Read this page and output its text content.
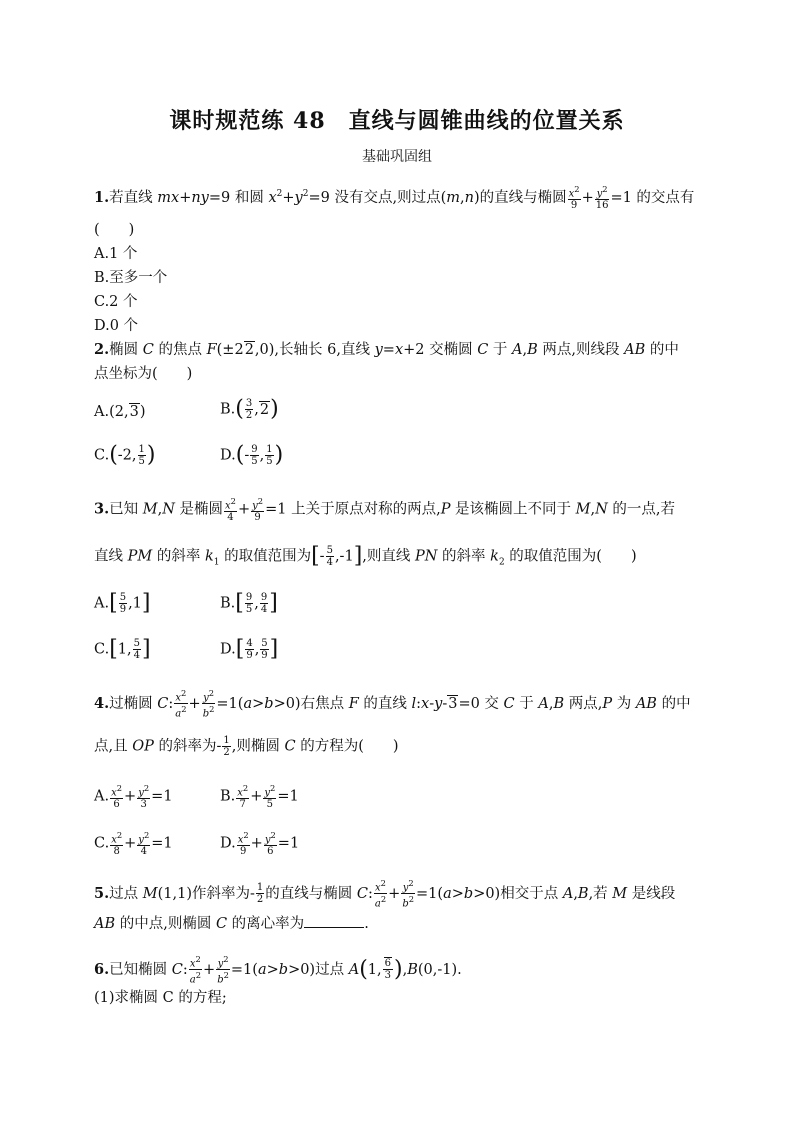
课时规范练 48　直线与圆锥曲线的位置关系
基础巩固组
1.若直线 mx+ny=9 和圆 $x^2+y^2=9$ 没有交点,则过点(m,n)的直线与椭圆 $\frac{x^2}{9} + \frac{y^2}{16} =1$ 的交点有
(　　)
A.1 个
B.至多一个
C.2 个
D.0 个
2.椭圆 C 的焦点 F(±22,0),长轴长 6,直线 y=x+2 交椭圆 C 于 A,B 两点,则线段 AB 的中
点坐标为(　　)
A.(2,3)	$B.( \frac{3}{2} ,2)$
C.(-2, $\frac{1}{5}$ )	$D.(- \frac{9}{5}$ , $\frac{1}{5}$ )
3.已知 M,N 是椭圆 $\frac{x^2}{4} + \frac{y^2}{9} =1$ 上关于原点对称的两点,P 是该椭圆上不同于 M,N 的一点,若
直线 PM 的斜率 $k_1$ 的取值范围为[- $\frac{5}{4} ,-1$],则直线 PN 的斜率 $k_2$ 的取值范围为(　　)
$A.[ \frac{5}{9} ,1]$	$B.[ \frac{9}{5}$ , $\frac{9}{4}$ ]
C.[1, $\frac{5}{4}$ ]	$D.[ \frac{4}{9}$ , $\frac{5}{9}$ ]
4.过椭圆 C: $\frac{x^2}{a^2} + \frac{y^2}{b^2} =1(a>b>0)$右焦点 F 的直线 l:x-y-3=0 交 C 于 A,B 两点,P 为 AB 的中
点,且 OP 的斜率为- $\frac{1}{2}$ ,则椭圆 C 的方程为(　　)
A. $\frac{x^2}{6} + \frac{y^2}{3} =1$	B. $\frac{x^2}{7} + \frac{y^2}{5} =1$
C. $\frac{x^2}{8} + \frac{y^2}{4} =1$	D. $\frac{x^2}{9} + \frac{y^2}{6} =1$
5.过点 M(1,1)作斜率为- $\frac{1}{2}$ 的直线与椭圆 C: $\frac{x^2}{a^2} + \frac{y^2}{b^2} =1(a>b>0)$相交于点 A,B,若 M 是线段
AB 的中点,则椭圆 C 的离心率为	.
6.已知椭圆 C: $\frac{x^2}{a^2} + \frac{y^2}{b^2} =1(a>b>0)$过点 A(1, $\frac{6}{3} ),B(0,-1)$.
(1)求椭圆 C 的方程;
